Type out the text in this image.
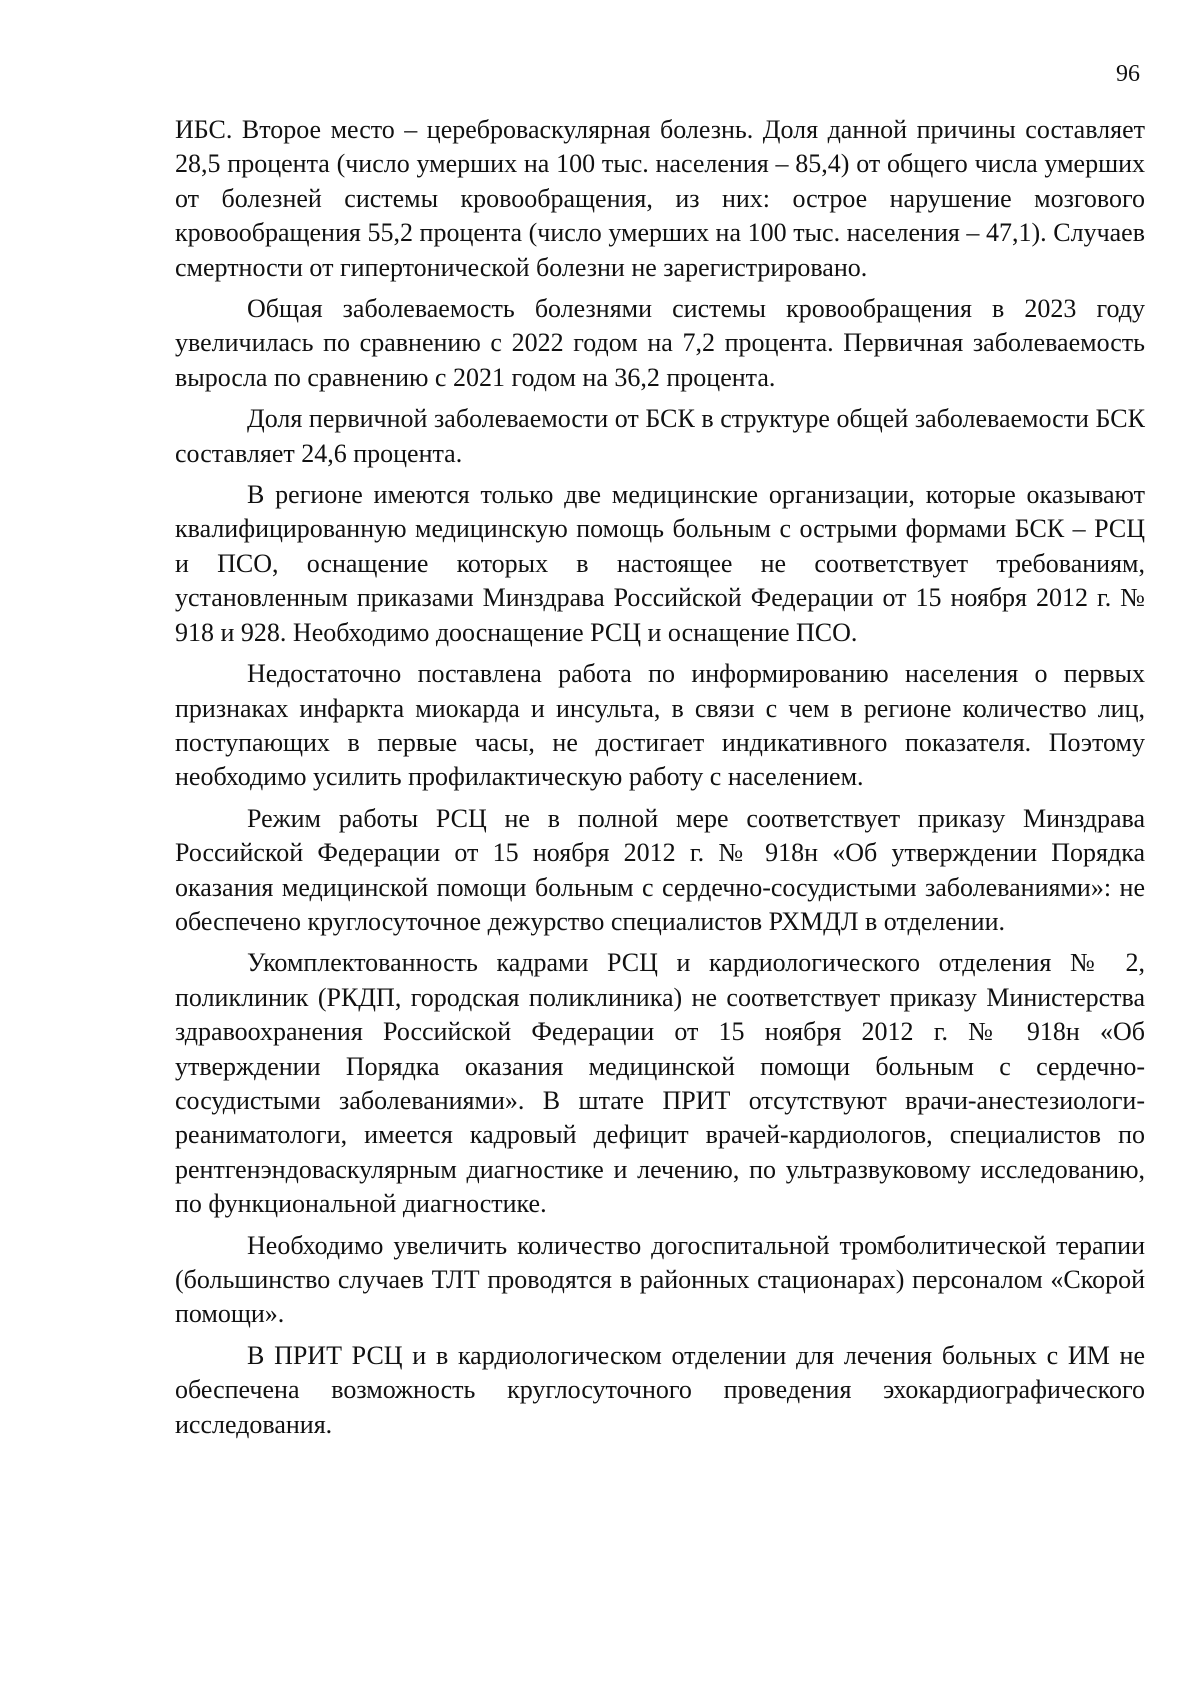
96

ИБС. Второе место – цереброваскулярная болезнь. Доля данной причины составляет 28,5 процента (число умерших на 100 тыс. населения – 85,4) от общего числа умерших от болезней системы кровообращения, из них: острое нарушение мозгового кровообращения 55,2 процента (число умерших на 100 тыс. населения – 47,1). Случаев смертности от гипертонической болезни не зарегистрировано.

Общая заболеваемость болезнями системы кровообращения в 2023 году увеличилась по сравнению с 2022 годом на 7,2 процента. Первичная заболеваемость выросла по сравнению с 2021 годом на 36,2 процента.

Доля первичной заболеваемости от БСК в структуре общей заболеваемости БСК составляет 24,6 процента.

В регионе имеются только две медицинские организации, которые оказывают квалифицированную медицинскую помощь больным с острыми формами БСК – РСЦ и ПСО, оснащение которых в настоящее не соответствует требованиям, установленным приказами Минздрава Российской Федерации от 15 ноября 2012 г. № 918 и 928. Необходимо дооснащение РСЦ и оснащение ПСО.

Недостаточно поставлена работа по информированию населения о первых признаках инфаркта миокарда и инсульта, в связи с чем в регионе количество лиц, поступающих в первые часы, не достигает индикативного показателя. Поэтому необходимо усилить профилактическую работу с населением.

Режим работы РСЦ не в полной мере соответствует приказу Минздрава Российской Федерации от 15 ноября 2012 г. № 918н «Об утверждении Порядка оказания медицинской помощи больным с сердечно-сосудистыми заболеваниями»: не обеспечено круглосуточное дежурство специалистов РХМДЛ в отделении.

Укомплектованность кадрами РСЦ и кардиологического отделения № 2, поликлиник (РКДП, городская поликлиника) не соответствует приказу Министерства здравоохранения Российской Федерации от 15 ноября 2012 г. № 918н «Об утверждении Порядка оказания медицинской помощи больным с сердечно-сосудистыми заболеваниями». В штате ПРИТ отсутствуют врачи-анестезиологи-реаниматологи, имеется кадровый дефицит врачей-кардиологов, специалистов по рентгенэндоваскулярным диагностике и лечению, по ультразвуковому исследованию, по функциональной диагностике.

Необходимо увеличить количество догоспитальной тромболитической терапии (большинство случаев ТЛТ проводятся в районных стационарах) персоналом «Скорой помощи».

В ПРИТ РСЦ и в кардиологическом отделении для лечения больных с ИМ не обеспечена возможность круглосуточного проведения эхокардиографического исследования.
